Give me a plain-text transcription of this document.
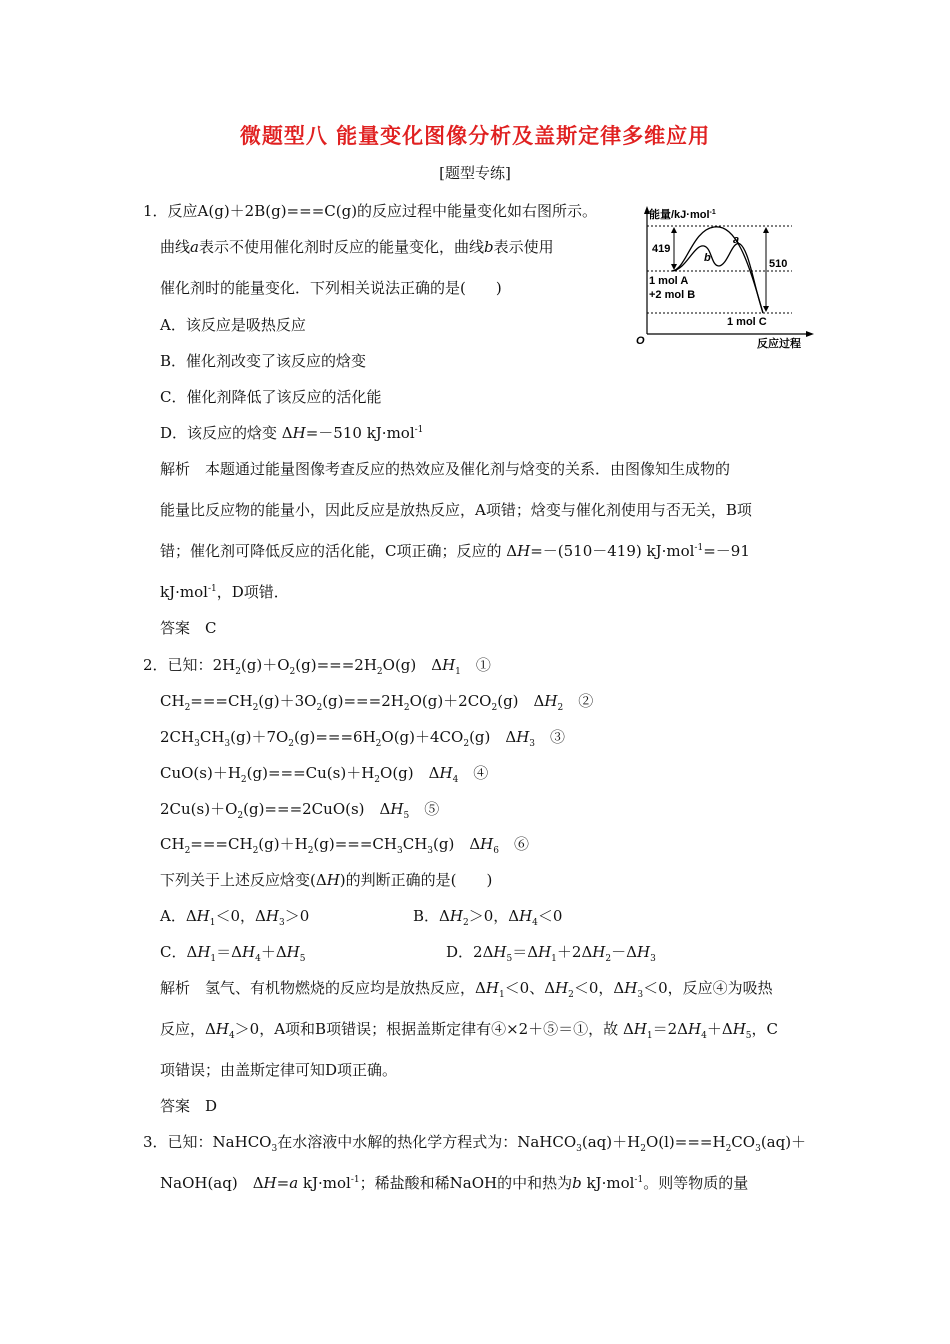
微题型八 能量变化图像分析及盖斯定律多维应用
[题型专练]
1．反应A(g)＋2B(g)===C(g)的反应过程中能量变化如右图所示。
曲线a表示不使用催化剂时反应的能量变化，曲线b表示使用
催化剂时的能量变化．下列相关说法正确的是(　　)
A．该反应是吸热反应
B．催化剂改变了该反应的焓变
C．催化剂降低了该反应的活化能
D．该反应的焓变 ΔH=－510 kJ·mol$^{-1}$
解析　本题通过能量图像考查反应的热效应及催化剂与焓变的关系．由图像知生成物的
能量比反应物的能量小，因此反应是放热反应，A项错；焓变与催化剂使用与否无关，B项
错；催化剂可降低反应的活化能，C项正确；反应的 ΔH=－(510－419) kJ·mol$^{-1}$=－91
kJ·mol$^{-1}$，D项错．
答案　C
能量/kJ·mol$^{-1}$
反应过程
O
419
510
a
b
1 mol A
+2 mol B
1 mol C
2．已知：$2H_2(g)+O_2(g)===2H_2O(g)$　$\Delta H_1$　①
$CH_2===CH_2(g)+3O_2(g)===2H_2O(g)+2CO_2(g)$　$\Delta H_2$　②
$2CH_3CH_3(g)+7O_2(g)===6H_2O(g)+4CO_2(g)$　$\Delta H_3$　③
$CuO(s)+H_2(g)===Cu(s)+H_2O(g)$　$\Delta H_4$　④
$2Cu(s)+O_2(g)===2CuO(s)$　$\Delta H_5$　⑤
$CH_2===CH_2(g)+H_2(g)===CH_3CH_3(g)$　$\Delta H_6$　⑥
下列关于上述反应焓变(ΔH)的判断正确的是(　　)
A．$\Delta H_1<0$，$\Delta H_3>0$	B．$\Delta H_2>0$，$\Delta H_4<0$
C．$\Delta H_1=\Delta H_4+\Delta H_5$	D．$2\Delta H_5=\Delta H_1+2\Delta H_2-\Delta H_3$
解析　氢气、有机物燃烧的反应均是放热反应，$\Delta H_1<0$、$\Delta H_2<0$，$\Delta H_3<0$，反应④为吸热
反应，$\Delta H_4>0$，A项和B项错误；根据盖斯定律有④×2＋⑤＝①，故 $\Delta H_1=2\Delta H_4+\Delta H_5$，C
项错误；由盖斯定律可知D项正确。
答案　D
3．已知：NaHCO$_3$在水溶液中水解的热化学方程式为：$NaHCO_3(aq)+H_2O(l)===H_2CO_3(aq)+$
NaOH(aq)　ΔH=a kJ·mol$^{-1}$；稀盐酸和稀NaOH的中和热为b kJ·mol$^{-1}$。则等物质的量
